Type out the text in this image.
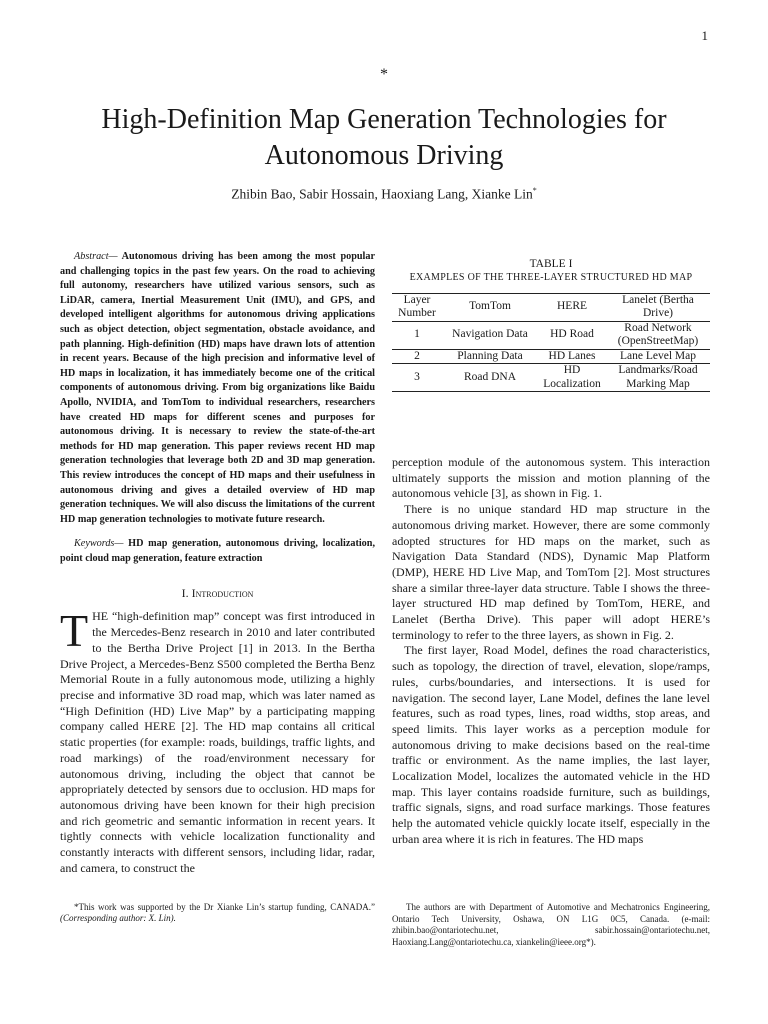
1
*
High-Definition Map Generation Technologies for Autonomous Driving
Zhibin Bao, Sabir Hossain, Haoxiang Lang, Xianke Lin*

Abstract— Autonomous driving has been among the most popular and challenging topics in the past few years. On the road to achieving full autonomy, researchers have utilized various sensors, such as LiDAR, camera, Inertial Measurement Unit (IMU), and GPS, and developed intelligent algorithms for autonomous driving applications such as object detection, object segmentation, obstacle avoidance, and path planning. High-definition (HD) maps have drawn lots of attention in recent years. Because of the high precision and informative level of HD maps in localization, it has immediately become one of the critical components of autonomous driving. From big organizations like Baidu Apollo, NVIDIA, and TomTom to individual researchers, researchers have created HD maps for different scenes and purposes for autonomous driving. It is necessary to review the state-of-the-art methods for HD map generation. This paper reviews recent HD map generation technologies that leverage both 2D and 3D map generation. This review introduces the concept of HD maps and their usefulness in autonomous driving and gives a detailed overview of HD map generation techniques. We will also discuss the limitations of the current HD map generation technologies to motivate future research.

Keywords— HD map generation, autonomous driving, localization, point cloud map generation, feature extraction

I. Introduction

THE “high-definition map” concept was first introduced in the Mercedes-Benz research in 2010 and later contributed to the Bertha Drive Project [1] in 2013. In the Bertha Drive Project, a Mercedes-Benz S500 completed the Bertha Benz Memorial Route in a fully autonomous mode, utilizing a highly precise and informative 3D road map, which was later named as “High Definition (HD) Live Map” by a participating mapping company called HERE [2]. The HD map contains all critical static properties (for example: roads, buildings, traffic lights, and road markings) of the road/environment necessary for autonomous driving, including the object that cannot be appropriately detected by sensors due to occlusion. HD maps for autonomous driving have been known for their high precision and rich geometric and semantic information in recent years. It tightly connects with vehicle localization functionality and constantly interacts with different sensors, including lidar, radar, and camera, to construct the

TABLE I
EXAMPLES OF THE THREE-LAYER STRUCTURED HD MAP
Layer Number	TomTom	HERE	Lanelet (Bertha Drive)
1	Navigation Data	HD Road	Road Network (OpenStreetMap)
2	Planning Data	HD Lanes	Lane Level Map
3	Road DNA	HD Localization	Landmarks/Road Marking Map

perception module of the autonomous system. This interaction ultimately supports the mission and motion planning of the autonomous vehicle [3], as shown in Fig. 1.

There is no unique standard HD map structure in the autonomous driving market. However, there are some commonly adopted structures for HD maps on the market, such as Navigation Data Standard (NDS), Dynamic Map Platform (DMP), HERE HD Live Map, and TomTom [2]. Most structures share a similar three-layer data structure. Table I shows the three-layer structured HD map defined by TomTom, HERE, and Lanelet (Bertha Drive). This paper will adopt HERE’s terminology to refer to the three layers, as shown in Fig. 2.

The first layer, Road Model, defines the road characteristics, such as topology, the direction of travel, elevation, slope/ramps, rules, curbs/boundaries, and intersections. It is used for navigation. The second layer, Lane Model, defines the lane level features, such as road types, lines, road widths, stop areas, and speed limits. This layer works as a perception module for autonomous driving to make decisions based on the real-time traffic or environment. As the name implies, the last layer, Localization Model, localizes the automated vehicle in the HD map. This layer contains roadside furniture, such as buildings, traffic signals, signs, and road surface markings. Those features help the automated vehicle quickly locate itself, especially in the urban area where it is rich in features. The HD maps

*This work was supported by the Dr Xianke Lin’s startup funding, CANADA.” (Corresponding author: X. Lin).
The authors are with Department of Automotive and Mechatronics Engineering, Ontario Tech University, Oshawa, ON L1G 0C5, Canada. (e-mail: zhibin.bao@ontariotechu.net, sabir.hossain@ontariotechu.net, Haoxiang.Lang@ontariotechu.ca, xiankelin@ieee.org*).
